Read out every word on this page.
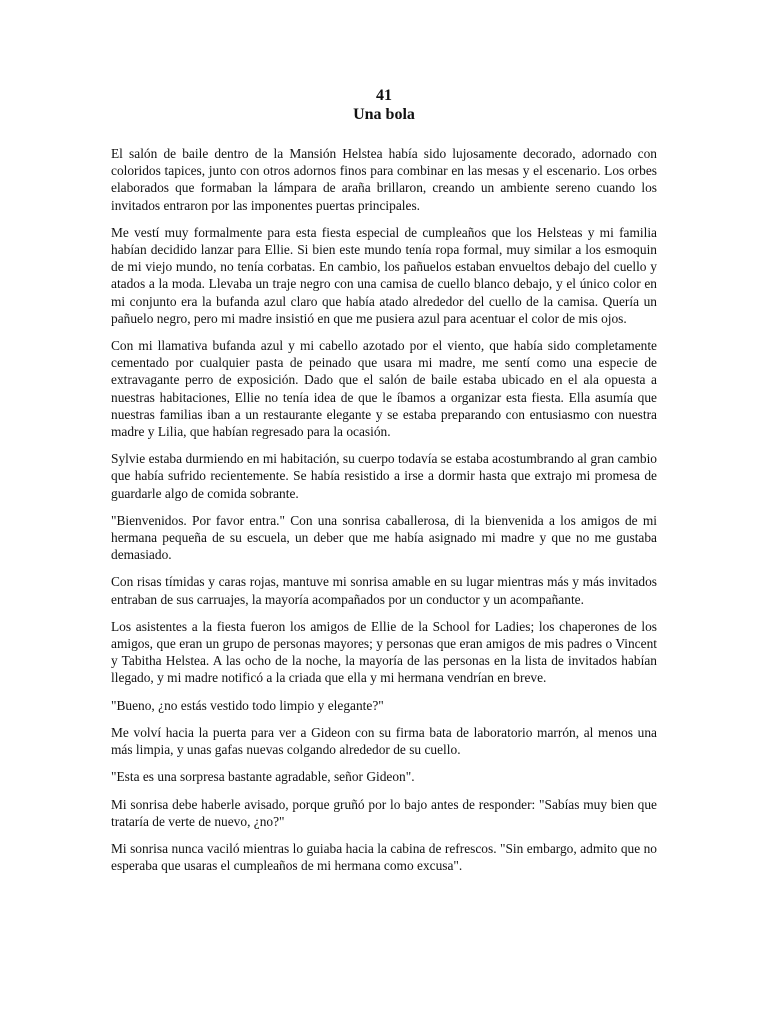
41
Una bola

El salón de baile dentro de la Mansión Helstea había sido lujosamente decorado, adornado con coloridos tapices, junto con otros adornos finos para combinar en las mesas y el escenario. Los orbes elaborados que formaban la lámpara de araña brillaron, creando un ambiente sereno cuando los invitados entraron por las imponentes puertas principales.

Me vestí muy formalmente para esta fiesta especial de cumpleaños que los Helsteas y mi familia habían decidido lanzar para Ellie. Si bien este mundo tenía ropa formal, muy similar a los esmoquin de mi viejo mundo, no tenía corbatas. En cambio, los pañuelos estaban envueltos debajo del cuello y atados a la moda. Llevaba un traje negro con una camisa de cuello blanco debajo, y el único color en mi conjunto era la bufanda azul claro que había atado alrededor del cuello de la camisa. Quería un pañuelo negro, pero mi madre insistió en que me pusiera azul para acentuar el color de mis ojos.

Con mi llamativa bufanda azul y mi cabello azotado por el viento, que había sido completamente cementado por cualquier pasta de peinado que usara mi madre, me sentí como una especie de extravagante perro de exposición. Dado que el salón de baile estaba ubicado en el ala opuesta a nuestras habitaciones, Ellie no tenía idea de que le íbamos a organizar esta fiesta. Ella asumía que nuestras familias iban a un restaurante elegante y se estaba preparando con entusiasmo con nuestra madre y Lilia, que habían regresado para la ocasión.

Sylvie estaba durmiendo en mi habitación, su cuerpo todavía se estaba acostumbrando al gran cambio que había sufrido recientemente. Se había resistido a irse a dormir hasta que extrajo mi promesa de guardarle algo de comida sobrante.

"Bienvenidos. Por favor entra." Con una sonrisa caballerosa, di la bienvenida a los amigos de mi hermana pequeña de su escuela, un deber que me había asignado mi madre y que no me gustaba demasiado.

Con risas tímidas y caras rojas, mantuve mi sonrisa amable en su lugar mientras más y más invitados entraban de sus carruajes, la mayoría acompañados por un conductor y un acompañante.

Los asistentes a la fiesta fueron los amigos de Ellie de la School for Ladies; los chaperones de los amigos, que eran un grupo de personas mayores; y personas que eran amigos de mis padres o Vincent y Tabitha Helstea. A las ocho de la noche, la mayoría de las personas en la lista de invitados habían llegado, y mi madre notificó a la criada que ella y mi hermana vendrían en breve.

"Bueno, ¿no estás vestido todo limpio y elegante?"

Me volví hacia la puerta para ver a Gideon con su firma bata de laboratorio marrón, al menos una más limpia, y unas gafas nuevas colgando alrededor de su cuello.

"Esta es una sorpresa bastante agradable, señor Gideon".

Mi sonrisa debe haberle avisado, porque gruñó por lo bajo antes de responder: "Sabías muy bien que trataría de verte de nuevo, ¿no?"

Mi sonrisa nunca vaciló mientras lo guiaba hacia la cabina de refrescos. "Sin embargo, admito que no esperaba que usaras el cumpleaños de mi hermana como excusa".
